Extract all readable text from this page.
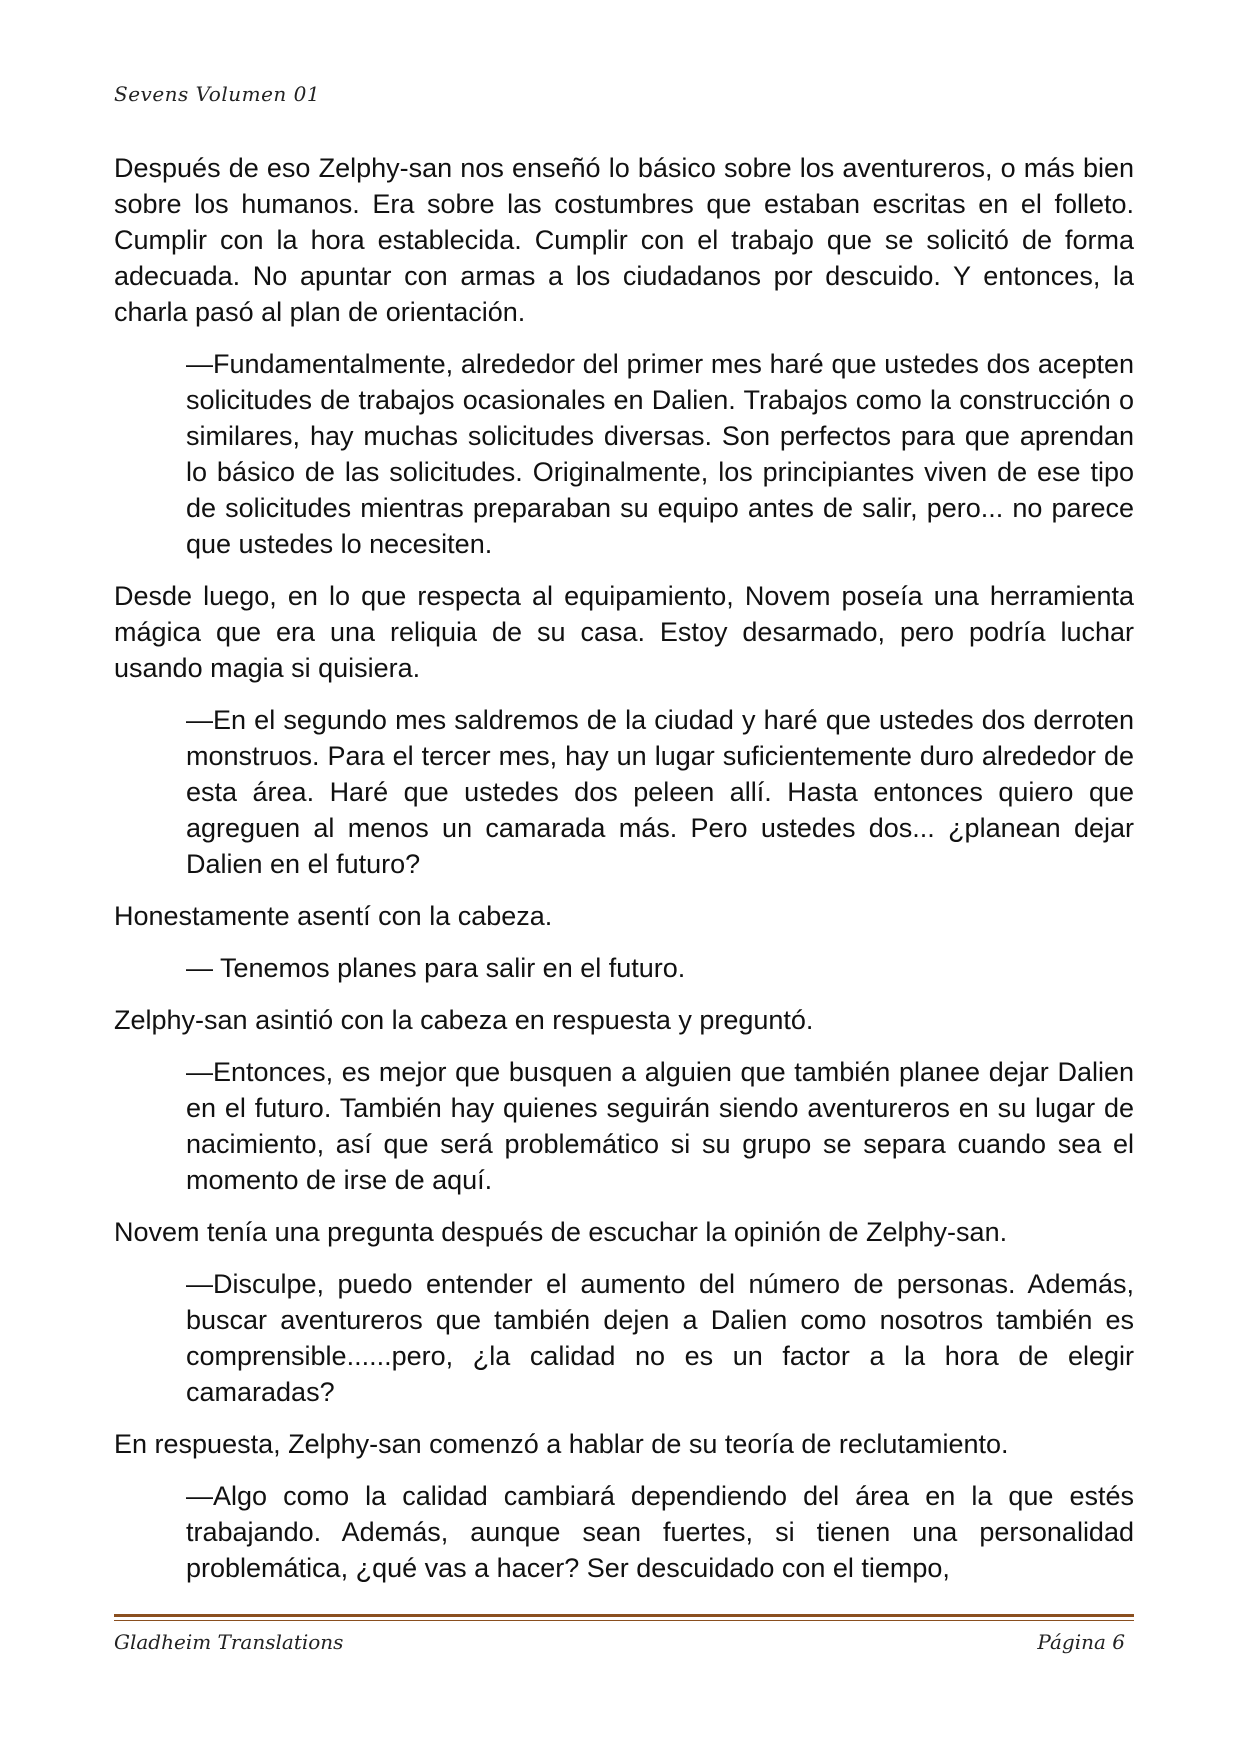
Sevens Volumen 01

Después de eso Zelphy-san nos enseñó lo básico sobre los aventureros, o más bien sobre los humanos. Era sobre las costumbres que estaban escritas en el folleto. Cumplir con la hora establecida. Cumplir con el trabajo que se solicitó de forma adecuada. No apuntar con armas a los ciudadanos por descuido. Y entonces, la charla pasó al plan de orientación.

—Fundamentalmente, alrededor del primer mes haré que ustedes dos acepten solicitudes de trabajos ocasionales en Dalien. Trabajos como la construcción o similares, hay muchas solicitudes diversas. Son perfectos para que aprendan lo básico de las solicitudes. Originalmente, los principiantes viven de ese tipo de solicitudes mientras preparaban su equipo antes de salir, pero... no parece que ustedes lo necesiten.

Desde luego, en lo que respecta al equipamiento, Novem poseía una herramienta mágica que era una reliquia de su casa. Estoy desarmado, pero podría luchar usando magia si quisiera.

—En el segundo mes saldremos de la ciudad y haré que ustedes dos derroten monstruos. Para el tercer mes, hay un lugar suficientemente duro alrededor de esta área. Haré que ustedes dos peleen allí. Hasta entonces quiero que agreguen al menos un camarada más. Pero ustedes dos... ¿planean dejar Dalien en el futuro?

Honestamente asentí con la cabeza.

— Tenemos planes para salir en el futuro.

Zelphy-san asintió con la cabeza en respuesta y preguntó.

—Entonces, es mejor que busquen a alguien que también planee dejar Dalien en el futuro. También hay quienes seguirán siendo aventureros en su lugar de nacimiento, así que será problemático si su grupo se separa cuando sea el momento de irse de aquí.

Novem tenía una pregunta después de escuchar la opinión de Zelphy-san.

—Disculpe, puedo entender el aumento del número de personas. Además, buscar aventureros que también dejen a Dalien como nosotros también es comprensible......pero, ¿la calidad no es un factor a la hora de elegir camaradas?

En respuesta, Zelphy-san comenzó a hablar de su teoría de reclutamiento.

—Algo como la calidad cambiará dependiendo del área en la que estés trabajando. Además, aunque sean fuertes, si tienen una personalidad problemática, ¿qué vas a hacer? Ser descuidado con el tiempo,

Gladheim Translations	Página 6
